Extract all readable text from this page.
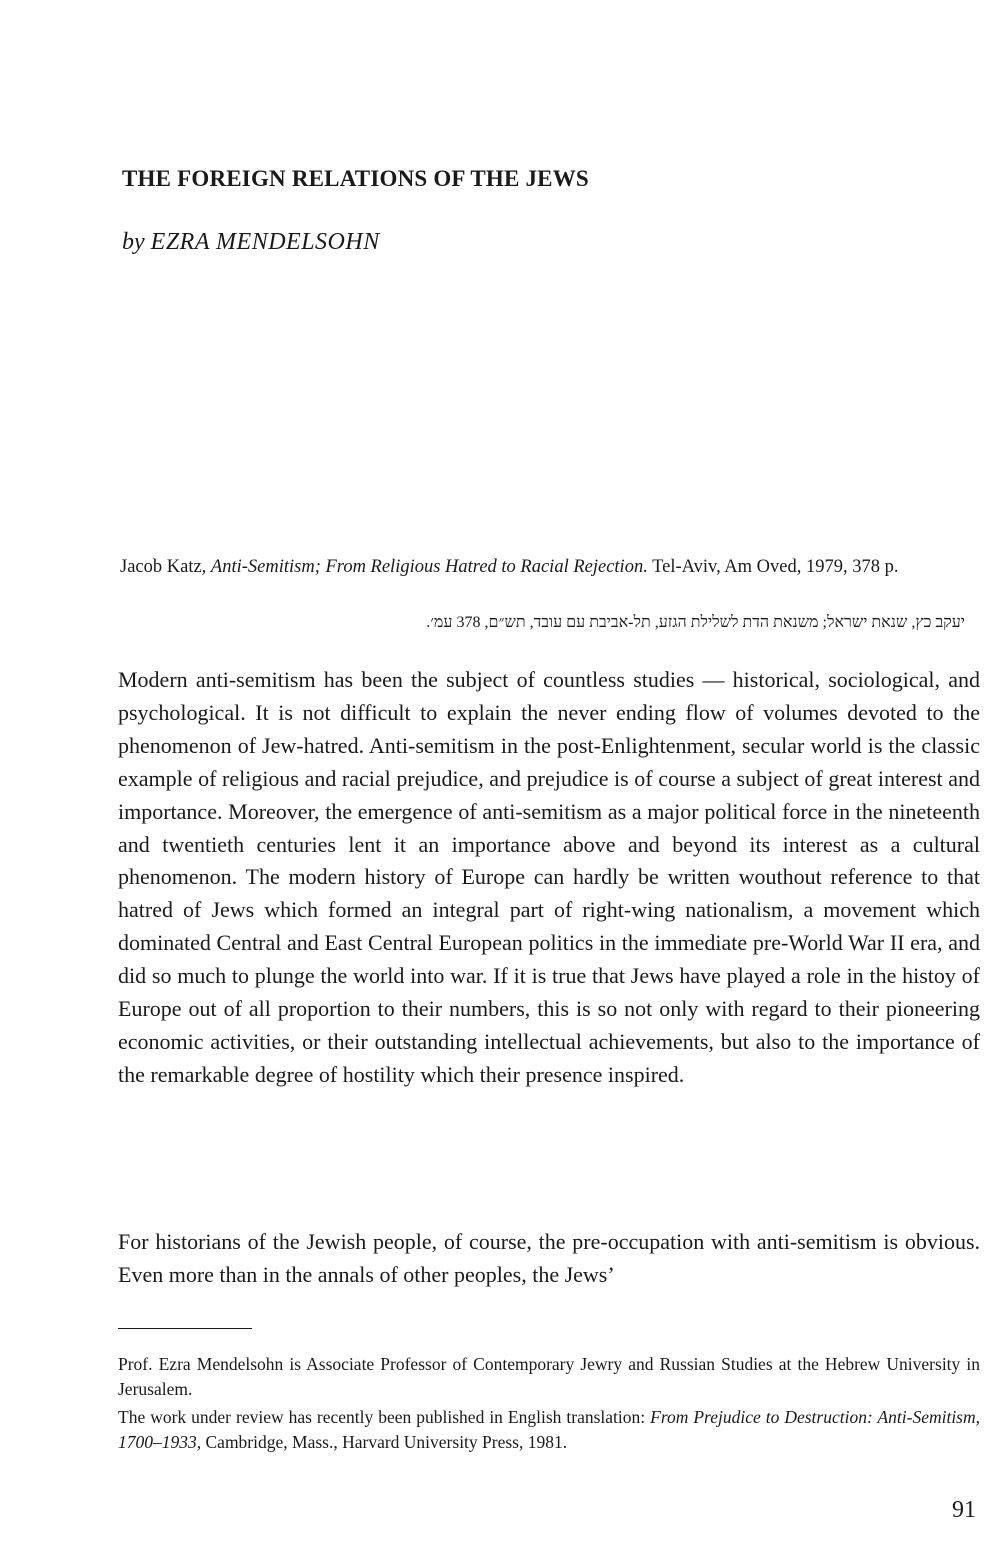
THE FOREIGN RELATIONS OF THE JEWS

by EZRA MENDELSOHN

Jacob Katz, Anti-Semitism; From Religious Hatred to Racial Rejection. Tel-Aviv, Am Oved, 1979, 378 p.

יעקב כץ, שנאת ישראל; משנאת הדת לשלילת הגזע, תל-אביבת עם עובד, תש״ם, 378 עמ׳.

Modern anti-semitism has been the subject of countless studies — historical, sociological, and psychological. It is not difficult to explain the never ending flow of volumes devoted to the phenomenon of Jew-hatred. Anti-semitism in the post-Enlightenment, secular world is the classic example of religious and racial prejudice, and prejudice is of course a subject of great interest and importance. Moreover, the emergence of anti-semitism as a major political force in the nineteenth and twentieth centuries lent it an importance above and beyond its interest as a cultural phenomenon. The modern history of Europe can hardly be written wouthout reference to that hatred of Jews which formed an integral part of right-wing nationalism, a movement which dominated Central and East Central European politics in the immediate pre-World War II era, and did so much to plunge the world into war. If it is true that Jews have played a role in the histoy of Europe out of all proportion to their numbers, this is so not only with regard to their pioneering economic activities, or their outstanding intellectual achievements, but also to the importance of the remarkable degree of hostility which their presence inspired.

For historians of the Jewish people, of course, the pre-occupation with anti-semitism is obvious. Even more than in the annals of other peoples, the Jews’

Prof. Ezra Mendelsohn is Associate Professor of Contemporary Jewry and Russian Studies at the Hebrew University in Jerusalem.

The work under review has recently been published in English translation: From Prejudice to Destruction: Anti-Semitism, 1700–1933, Cambridge, Mass., Harvard University Press, 1981.

91
